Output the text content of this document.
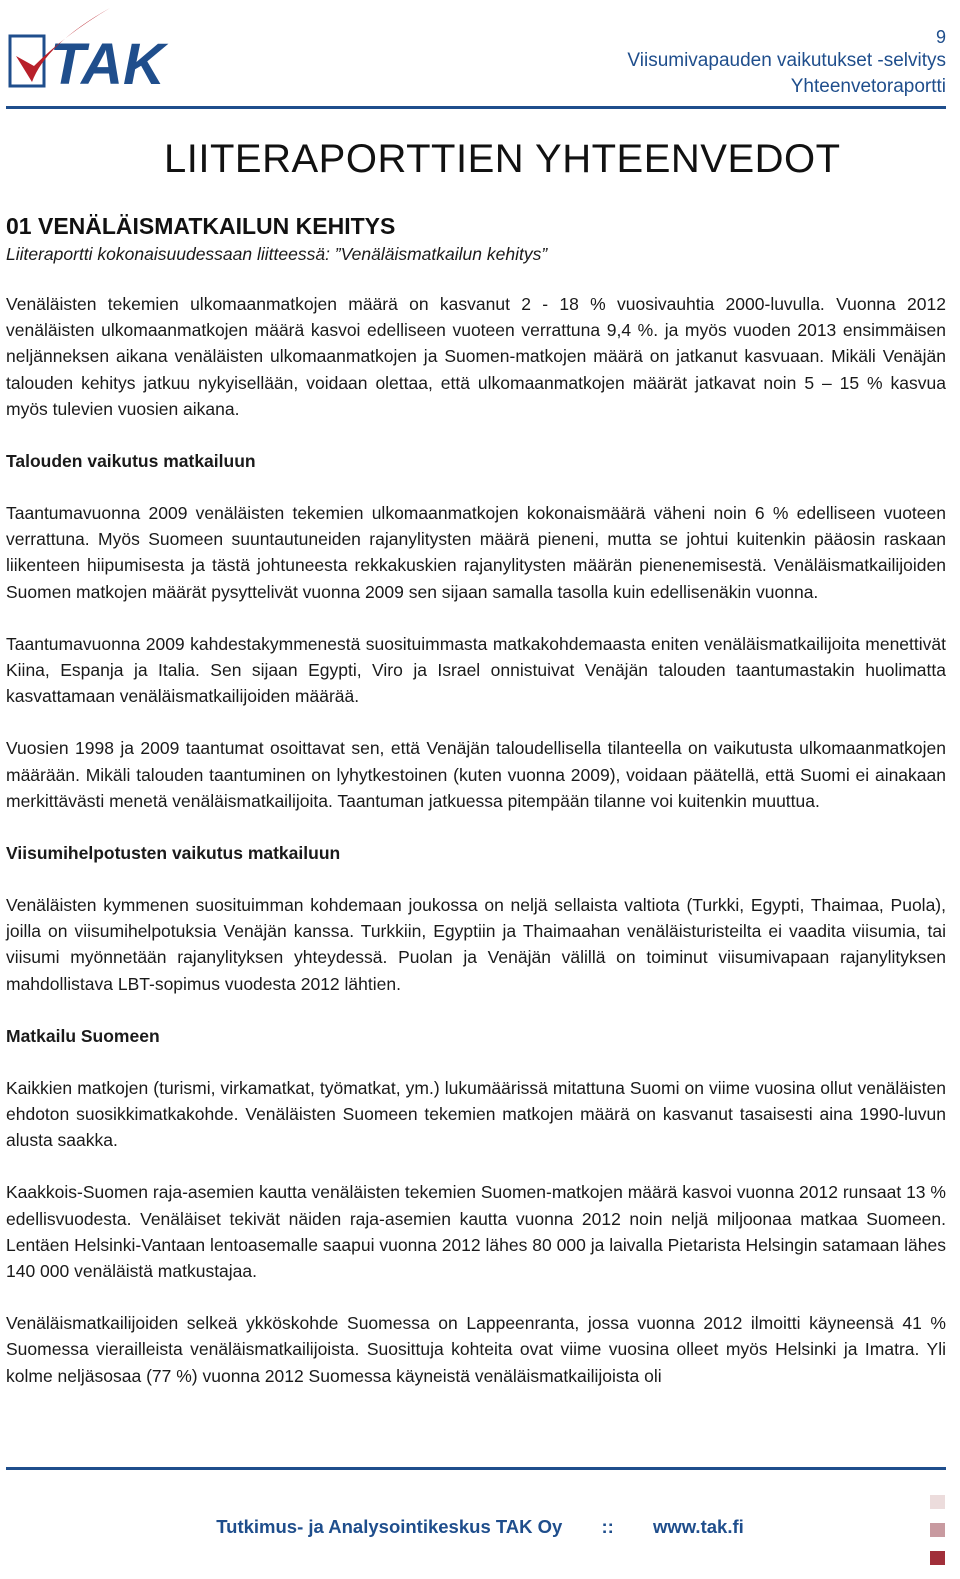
TAK	9
Viisumivapauden vaikutukset -selvitys
Yhteenvetoraportti
LIITERAPORTTIEN YHTEENVEDOT
01 VENÄLÄISMATKAILUN KEHITYS

Liiteraportti kokonaisuudessaan liitteessä: ”Venäläismatkailun kehitys”

Venäläisten tekemien ulkomaanmatkojen määrä on kasvanut 2 - 18 % vuosivauhtia 2000-luvulla. Vuonna 2012 venäläisten ulkomaanmatkojen määrä kasvoi edelliseen vuoteen verrattuna 9,4 %. ja myös vuoden 2013 ensimmäisen neljänneksen aikana venäläisten ulkomaanmatkojen ja Suomen-matkojen määrä on jatkanut kasvuaan. Mikäli Venäjän talouden kehitys jatkuu nykyisellään, voidaan olettaa, että ulkomaanmatkojen määrät jatkavat noin 5 – 15 % kasvua myös tulevien vuosien aikana.

Talouden vaikutus matkailuun

Taantumavuonna 2009 venäläisten tekemien ulkomaanmatkojen kokonaismäärä väheni noin 6 % edelliseen vuoteen verrattuna. Myös Suomeen suuntautuneiden rajanylitysten määrä pieneni, mutta se johtui kuitenkin pääosin raskaan liikenteen hiipumisesta ja tästä johtuneesta rekkakuskien rajanylitysten määrän pienenemisestä. Venäläismatkailijoiden Suomen matkojen määrät pysyttelivät vuonna 2009 sen sijaan samalla tasolla kuin edellisenäkin vuonna.

Taantumavuonna 2009 kahdestakymmenestä suosituimmasta matkakohdemaasta eniten venäläismatkailijoita menettivät Kiina, Espanja ja Italia. Sen sijaan Egypti, Viro ja Israel onnistuivat Venäjän talouden taantumastakin huolimatta kasvattamaan venäläismatkailijoiden määrää.

Vuosien 1998 ja 2009 taantumat osoittavat sen, että Venäjän taloudellisella tilanteella on vaikutusta ulkomaanmatkojen määrään. Mikäli talouden taantuminen on lyhytkestoinen (kuten vuonna 2009), voidaan päätellä, että Suomi ei ainakaan merkittävästi menetä venäläismatkailijoita. Taantuman jatkuessa pitempään tilanne voi kuitenkin muuttua.

Viisumihelpotusten vaikutus matkailuun

Venäläisten kymmenen suosituimman kohdemaan joukossa on neljä sellaista valtiota (Turkki, Egypti, Thaimaa, Puola), joilla on viisumihelpotuksia Venäjän kanssa. Turkkiin, Egyptiin ja Thaimaahan venäläisturisteilta ei vaadita viisumia, tai viisumi myönnetään rajanylityksen yhteydessä. Puolan ja Venäjän välillä on toiminut viisumivapaan rajanylityksen mahdollistava LBT-sopimus vuodesta 2012 lähtien.

Matkailu Suomeen

Kaikkien matkojen (turismi, virkamatkat, työmatkat, ym.) lukumäärissä mitattuna Suomi on viime vuosina ollut venäläisten ehdoton suosikkimatkakohde. Venäläisten Suomeen tekemien matkojen määrä on kasvanut tasaisesti aina 1990-luvun alusta saakka.

Kaakkois-Suomen raja-asemien kautta venäläisten tekemien Suomen-matkojen määrä kasvoi vuonna 2012 runsaat 13 % edellisvuodesta. Venäläiset tekivät näiden raja-asemien kautta vuonna 2012 noin neljä miljoonaa matkaa Suomeen. Lentäen Helsinki-Vantaan lentoasemalle saapui vuonna 2012 lähes 80 000 ja laivalla Pietarista Helsingin satamaan lähes 140 000 venäläistä matkustajaa.

Venäläismatkailijoiden selkeä ykköskohde Suomessa on Lappeenranta, jossa vuonna 2012 ilmoitti käyneensä 41 % Suomessa vierailleista venäläismatkailijoista. Suosittuja kohteita ovat viime vuosina olleet myös Helsinki ja Imatra. Yli kolme neljäsosaa (77 %) vuonna 2012 Suomessa käyneistä venäläismatkailijoista oli

Tutkimus- ja Analysointikeskus TAK Oy :: www.tak.fi
